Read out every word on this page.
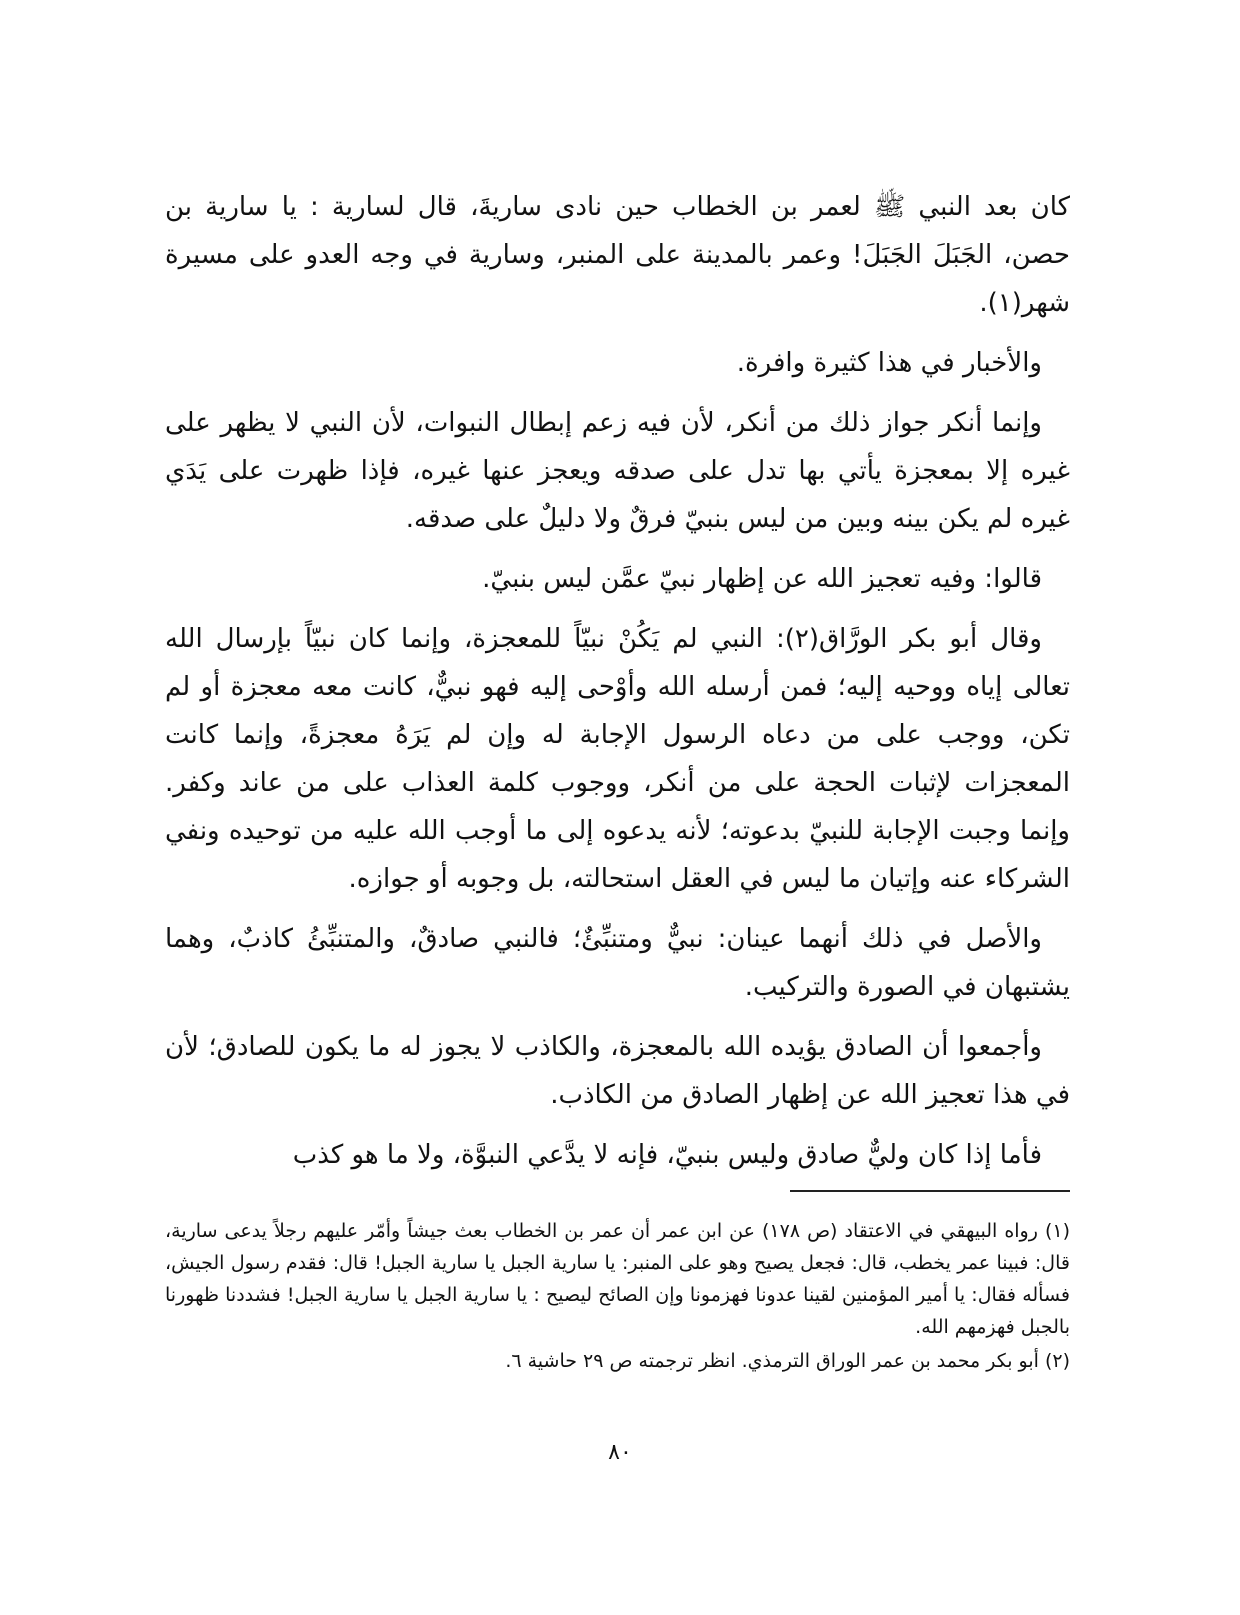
كان بعد النبي ﷺ لعمر بن الخطاب حين نادى ساريةَ، قال لسارية : يا سارية بن حصن، الجَبَلَ الجَبَلَ! وعمر بالمدينة على المنبر، وسارية في وجه العدو على مسيرة شهر(١).

والأخبار في هذا كثيرة وافرة.

وإنما أنكر جواز ذلك من أنكر، لأن فيه زعم إبطال النبوات، لأن النبي لا يظهر على غيره إلا بمعجزة يأتي بها تدل على صدقه ويعجز عنها غيره، فإذا ظهرت على يَدَي غيره لم يكن بينه وبين من ليس بنبيّ فرقٌ ولا دليلٌ على صدقه.

قالوا: وفيه تعجيز الله عن إظهار نبيّ عمَّن ليس بنبيّ.

وقال أبو بكر الورَّاق(٢): النبي لم يَكُنْ نبيّاً للمعجزة، وإنما كان نبيّاً بإرسال الله تعالى إياه ووحيه إليه؛ فمن أرسله الله وأوْحى إليه فهو نبيٌّ، كانت معه معجزة أو لم تكن، ووجب على من دعاه الرسول الإجابة له وإن لم يَرَهُ معجزةً، وإنما كانت المعجزات لإثبات الحجة على من أنكر، ووجوب كلمة العذاب على من عاند وكفر. وإنما وجبت الإجابة للنبيّ بدعوته؛ لأنه يدعوه إلى ما أوجب الله عليه من توحيده ونفي الشركاء عنه وإتيان ما ليس في العقل استحالته، بل وجوبه أو جوازه.

والأصل في ذلك أنهما عينان: نبيٌّ ومتنبِّئٌ؛ فالنبي صادقٌ، والمتنبِّئُ كاذبٌ، وهما يشتبهان في الصورة والتركيب.

وأجمعوا أن الصادق يؤيده الله بالمعجزة، والكاذب لا يجوز له ما يكون للصادق؛ لأن في هذا تعجيز الله عن إظهار الصادق من الكاذب.

فأما إذا كان وليٌّ صادق وليس بنبيّ، فإنه لا يدَّعي النبوَّة، ولا ما هو كذب

(١) رواه البيهقي في الاعتقاد (ص ١٧٨) عن ابن عمر أن عمر بن الخطاب بعث جيشاً وأمّر عليهم رجلاً يدعى سارية، قال: فبينا عمر يخطب، قال: فجعل يصيح وهو على المنبر: يا سارية الجبل يا سارية الجبل! قال: فقدم رسول الجيش، فسأله فقال: يا أمير المؤمنين لقينا عدونا فهزمونا وإن الصائح ليصيح : يا سارية الجبل يا سارية الجبل! فشددنا ظهورنا بالجبل فهزمهم الله.

(٢) أبو بكر محمد بن عمر الوراق الترمذي. انظر ترجمته ص ٢٩ حاشية ٦.

٨٠
